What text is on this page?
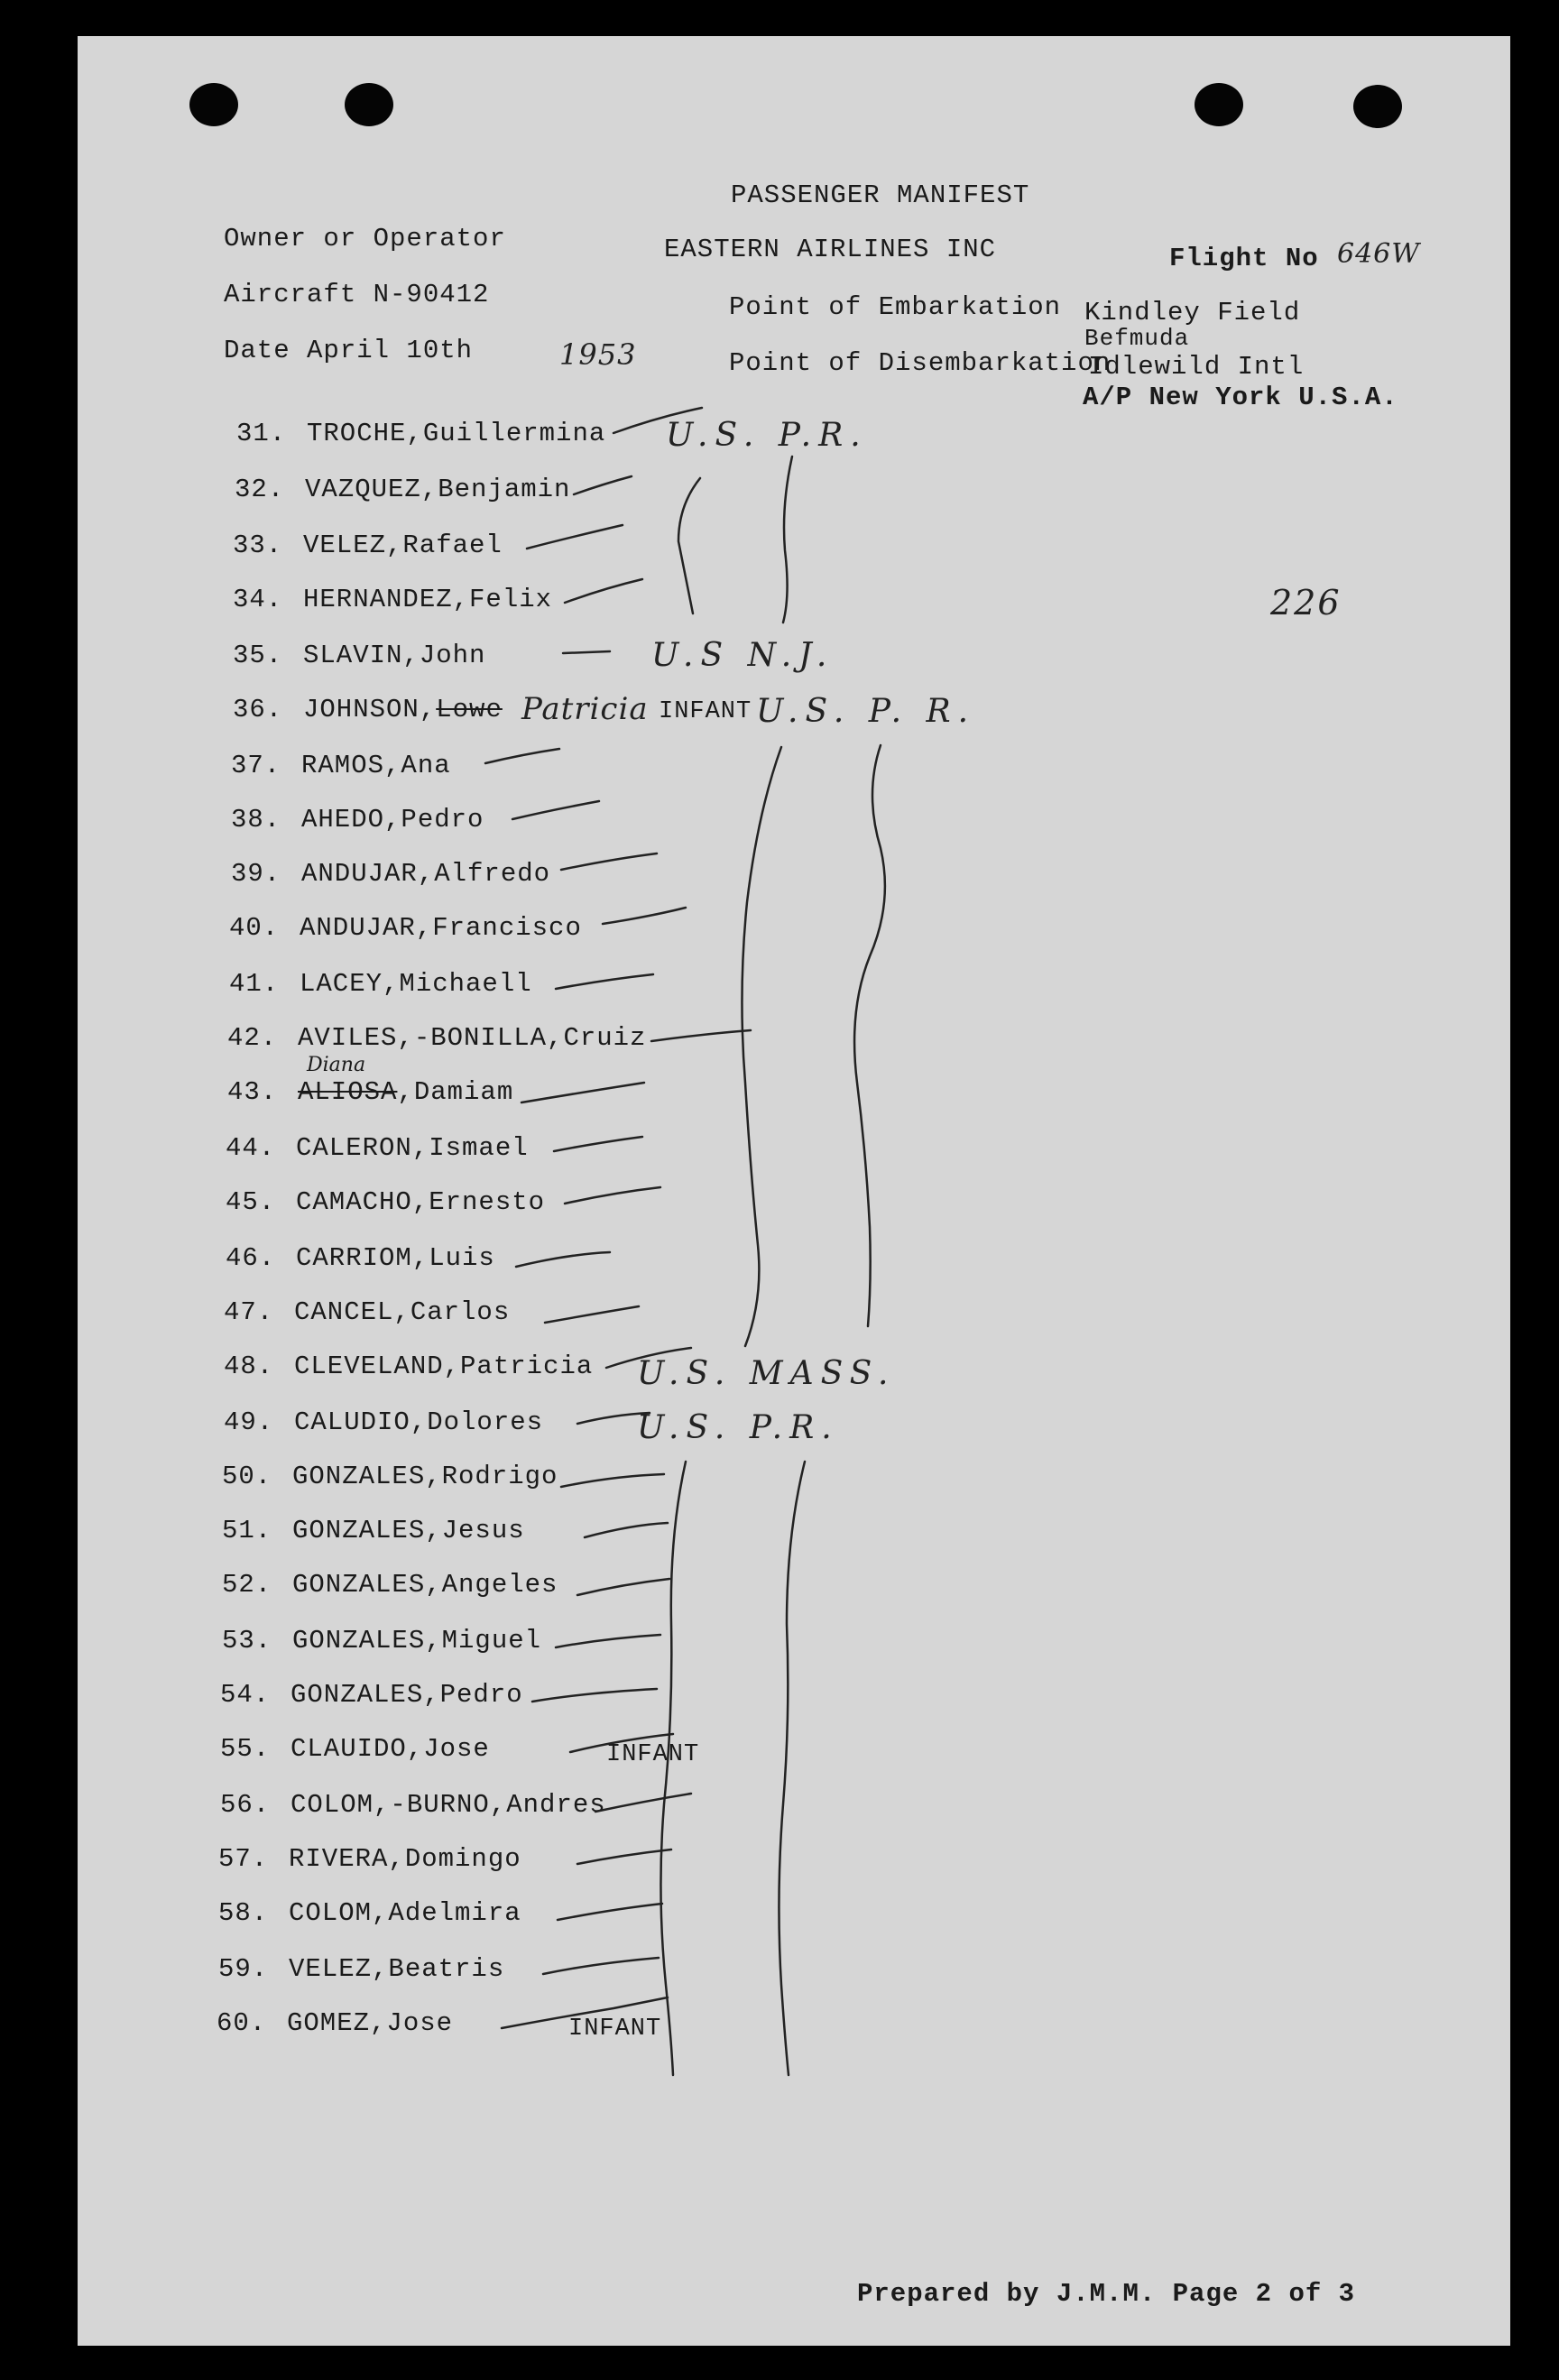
PASSENGER MANIFEST
Owner or Operator	EASTERN AIRLINES INC	Flight No 646W
Aircraft N-90412	Point of Embarkation Kindley Field
Befmuda
Date April 10th	1953	Point of Disembarkation
Idlewild Intl
A/P New York U.S.A.
226
31. TROCHE,Guillermina
32. VAZQUEZ,Benjamin
33. VELEZ,Rafael
34. HERNANDEZ,Felix
35. SLAVIN,John
36. JOHNSON,Lowe Patricia INFANT
37. RAMOS,Ana
38. AHEDO,Pedro
39. ANDUJAR,Alfredo
40. ANDUJAR,Francisco
41. LACEY,Michaell
42. AVILES,-BONILLA,Cruiz
43. ALIOSA,Damiam
Diana
44. CALERON,Ismael
45. CAMACHO,Ernesto
46. CARRIOM,Luis
47. CANCEL,Carlos
48. CLEVELAND,Patricia
49. CALUDIO,Dolores
50. GONZALES,Rodrigo
51. GONZALES,Jesus
52. GONZALES,Angeles
53. GONZALES,Miguel
54. GONZALES,Pedro
55. CLAUIDO,Jose	INFANT
56. COLOM,-BURNO,Andres
57. RIVERA,Domingo
58. COLOM,Adelmira
59. VELEZ,Beatris
60. GOMEZ,Jose	INFANT
U.S. P.R.
U.S N.J.
U.S. P. R.
U.S. MASS.
U.S. P.R.
Prepared by J.M.M. Page 2 of 3
